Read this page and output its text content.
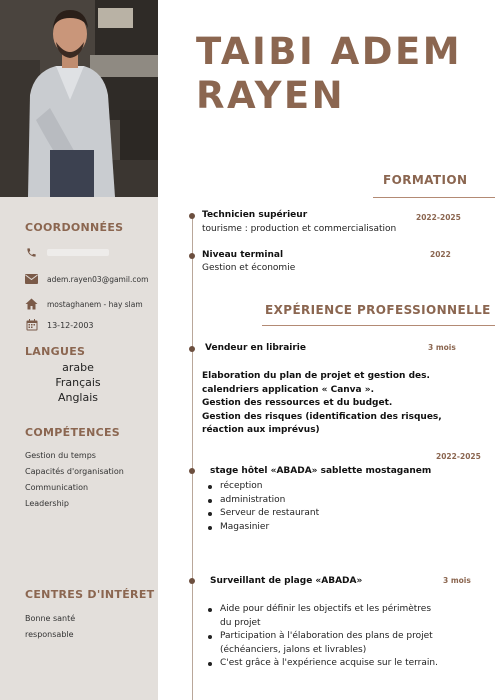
COORDONNÉES
adem.rayen03@gamil.com
mostaghanem - hay slam
13-12-2003
LANGUES
arabe
Français
Anglais
COMPÉTENCES
Gestion du temps
Capacités d'organisation
Communication
Leadership
CENTRES D'INTÉRET
Bonne santé
responsable
TAIBI ADEM
RAYEN
FORMATION
Technicien supérieur	2022-2025
tourisme : production et commercialisation
Niveau terminal	2022
Gestion et économie
EXPÉRIENCE PROFESSIONNELLE
Vendeur en librairie	3 mois
Elaboration du plan de projet et gestion des.
calendriers application « Canva ».
Gestion des ressources et du budget.
Gestion des risques (identification des risques,
réaction aux imprévus)
2022-2025
stage hôtel «ABADA» sablette mostaganem
réception
administration
Serveur de restaurant
Magasinier
Surveillant de plage «ABADA»	3 mois
Aide pour définir les objectifs et les périmètres
du projet
Participation à l'élaboration des plans de projet
(échéanciers, jalons et livrables)
C'est grâce à l'expérience acquise sur le terrain.
